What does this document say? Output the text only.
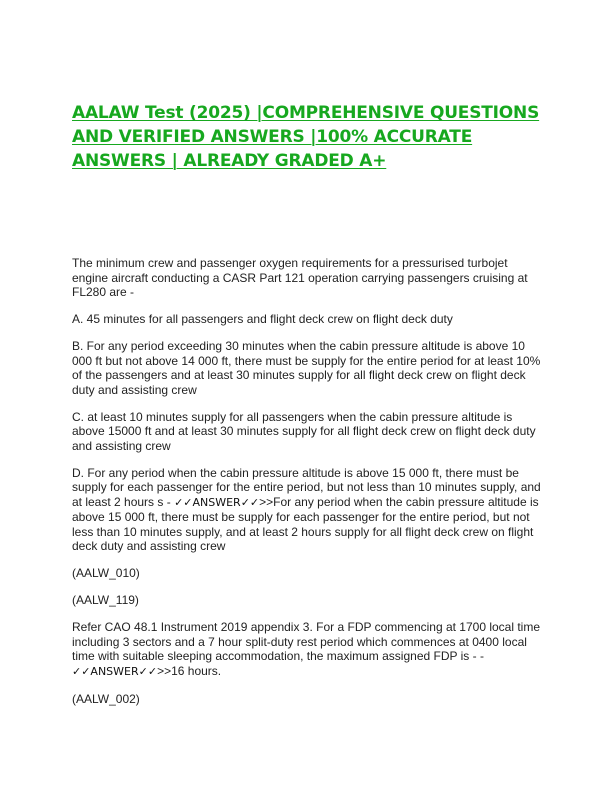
AALAW Test (2025) |COMPREHENSIVE QUESTIONS AND VERIFIED ANSWERS |100% ACCURATE ANSWERS | ALREADY GRADED A+

The minimum crew and passenger oxygen requirements for a pressurised turbojet engine aircraft conducting a CASR Part 121 operation carrying passengers cruising at FL280 are -

A. 45 minutes for all passengers and flight deck crew on flight deck duty

B. For any period exceeding 30 minutes when the cabin pressure altitude is above 10 000 ft but not above 14 000 ft, there must be supply for the entire period for at least 10% of the passengers and at least 30 minutes supply for all flight deck crew on flight deck duty and assisting crew

C. at least 10 minutes supply for all passengers when the cabin pressure altitude is above 15000 ft and at least 30 minutes supply for all flight deck crew on flight deck duty and assisting crew

D. For any period when the cabin pressure altitude is above 15 000 ft, there must be supply for each passenger for the entire period, but not less than 10 minutes supply, and at least 2 hours s - ✓✓ANSWER✓✓>>For any period when the cabin pressure altitude is above 15 000 ft, there must be supply for each passenger for the entire period, but not less than 10 minutes supply, and at least 2 hours supply for all flight deck crew on flight deck duty and assisting crew

(AALW_010)

(AALW_119)

Refer CAO 48.1 Instrument 2019 appendix 3. For a FDP commencing at 1700 local time including 3 sectors and a 7 hour split-duty rest period which commences at 0400 local time with suitable sleeping accommodation, the maximum assigned FDP is - - ✓✓ANSWER✓✓>>16 hours.

(AALW_002)
